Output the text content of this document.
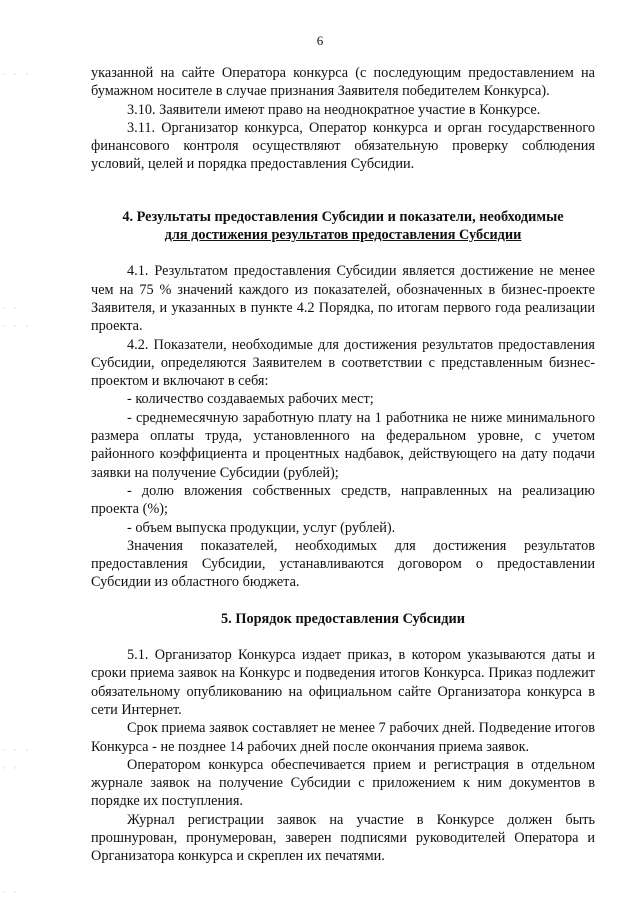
6
· · ·
· ·
· · ·
· · ·
· ·
· ·

указанной на сайте Оператора конкурса (с последующим предоставлением на бумажном носителе в случае признания Заявителя победителем Конкурса).

3.10. Заявители имеют право на неоднократное участие в Конкурсе.

3.11. Организатор конкурса, Оператор конкурса и орган государственного финансового контроля осуществляют обязательную проверку соблюдения условий, целей и порядка предоставления Субсидии.

4. Результаты предоставления Субсидии и показатели, необходимые
для достижения результатов предоставления Субсидии

4.1. Результатом предоставления Субсидии является достижение не менее чем на 75 % значений каждого из показателей, обозначенных в бизнес-проекте Заявителя, и указанных в пункте 4.2 Порядка, по итогам первого года реализации проекта.

4.2. Показатели, необходимые для достижения результатов предоставления Субсидии, определяются Заявителем в соответствии с представленным бизнес-проектом и включают в себя:

- количество создаваемых рабочих мест;

- среднемесячную заработную плату на 1 работника не ниже минимального размера оплаты труда, установленного на федеральном уровне, с учетом районного коэффициента и процентных надбавок, действующего на дату подачи заявки на получение Субсидии (рублей);

- долю вложения собственных средств, направленных на реализацию проекта (%);

- объем выпуска продукции, услуг (рублей).

Значения показателей, необходимых для достижения результатов предоставления Субсидии, устанавливаются договором о предоставлении Субсидии из областного бюджета.

5. Порядок предоставления Субсидии

5.1. Организатор Конкурса издает приказ, в котором указываются даты и сроки приема заявок на Конкурс и подведения итогов Конкурса. Приказ подлежит обязательному опубликованию на официальном сайте Организатора конкурса в сети Интернет.

Срок приема заявок составляет не менее 7 рабочих дней. Подведение итогов Конкурса - не позднее 14 рабочих дней после окончания приема заявок.

Оператором конкурса обеспечивается прием и регистрация в отдельном журнале заявок на получение Субсидии с приложением к ним документов в порядке их поступления.

Журнал регистрации заявок на участие в Конкурсе должен быть прошнурован, пронумерован, заверен подписями руководителей Оператора и Организатора конкурса и скреплен их печатями.
